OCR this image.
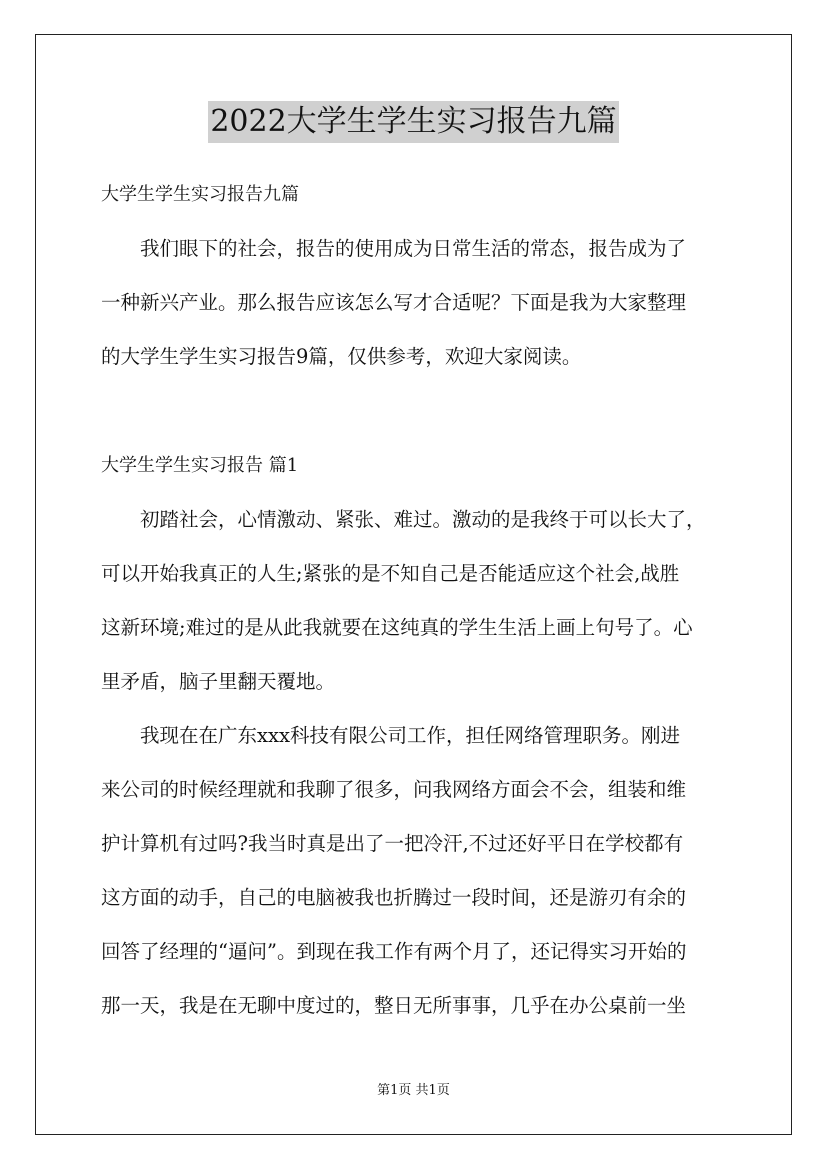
2022大学生学生实习报告九篇
大学生学生实习报告九篇
　　我们眼下的社会，报告的使用成为日常生活的常态，报告成为了
一种新兴产业。那么报告应该怎么写才合适呢？下面是我为大家整理
的大学生学生实习报告9篇，仅供参考，欢迎大家阅读。
大学生学生实习报告 篇1
　　初踏社会，心情激动、紧张、难过。激动的是我终于可以长大了，
可以开始我真正的人生;紧张的是不知自己是否能适应这个社会,战胜
这新环境;难过的是从此我就要在这纯真的学生生活上画上句号了。心
里矛盾，脑子里翻天覆地。
　　我现在在广东xxx科技有限公司工作，担任网络管理职务。刚进
来公司的时候经理就和我聊了很多，问我网络方面会不会，组装和维
护计算机有过吗?我当时真是出了一把冷汗,不过还好平日在学校都有
这方面的动手，自己的电脑被我也折腾过一段时间，还是游刃有余的
回答了经理的“逼问”。到现在我工作有两个月了，还记得实习开始的
那一天，我是在无聊中度过的，整日无所事事，几乎在办公桌前一坐
第1页 共1页
